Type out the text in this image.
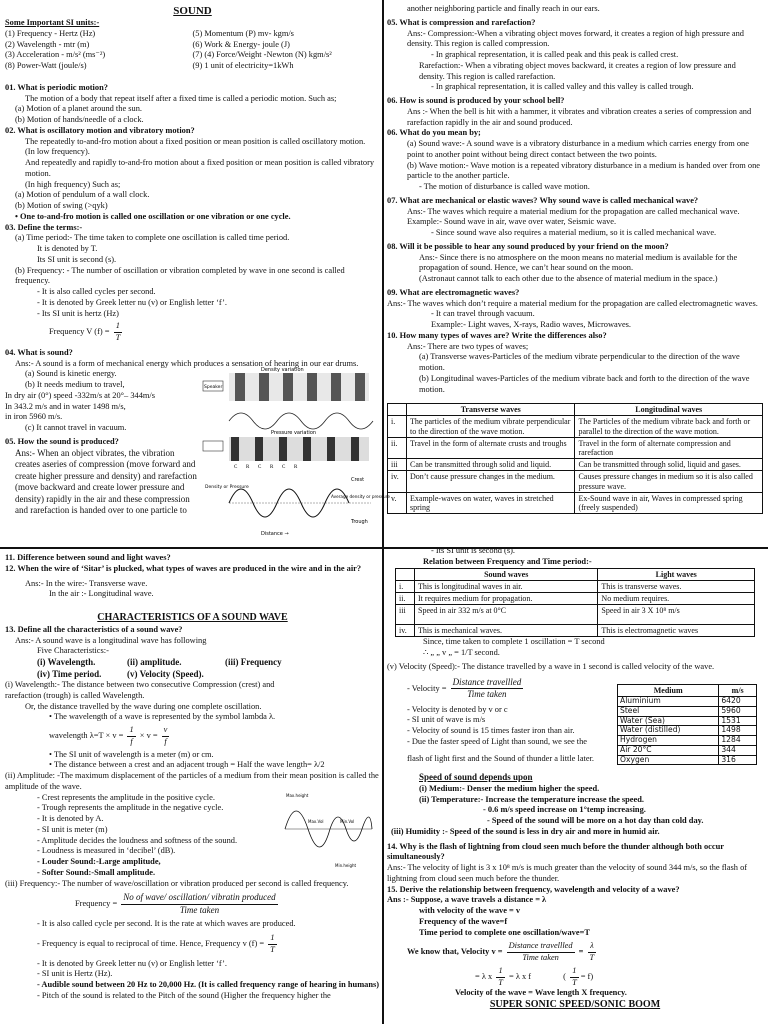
SOUND
Some Important SI units:-
(1) Frequency - Hertz (Hz)
(2) Wavelength - mtr (m)
(3) Acceleration - m/s² (ms⁻²)
(8) Power-Watt (joule/s)
(5) Momentum (P) mv- kgm/s
(6) Work & Energy- joule (J)
(7) (4) Force/Weight -Newton (N) kgm/s²
(9) 1 unit of electricity=1kWh
01. What is periodic motion?
The motion of a body that repeat itself after a fixed time is called a periodic motion. Such as;
(a) Motion of a planet around the sun.
(b) Motion of hands/needle of a clock.
02. What is oscillatory motion and vibratory motion?
The repeatedly to-and-fro motion about a fixed position or mean position is called oscillatory motion.
(In low frequency).
And repeatedly and rapidly to-and-fro motion about a fixed position or mean position is called vibratory motion.
(In high frequency) Such as;
(a) Motion of pendulum of a wall clock.
(b) Motion of swing (>qyk)
• One to-and-fro motion is called one oscillation or one vibration or one cycle.
03. Define the terms:-
(a) Time period:- The time taken to complete one oscillation is called time period.
It is denoted by T.
Its SI unit is second (s).
(b) Frequency: - The number of oscillation or vibration completed by wave in one second is called frequency.
- It is also called cycles per second.
- It is denoted by Greek letter nu (v) or English letter ‘f’.
- Its SI unit is hertz (Hz)
Frequency V $(f) = \frac{1}{T}$
04. What is sound?
Ans:- A sound is a form of mechanical energy which produces a sensation of hearing in our ear drums.
(a) Sound is kinetic energy.
(b) It needs medium to travel,
In dry air (0°) speed -332m/s at 20°– 344m/s
In 343.2 m/s and in water 1498 m/s,
in iron 5960 m/s.
(c) It cannot travel in vacuum.
05. How the sound is produced?
Ans:- When an object vibrates, the vibration creates aseries of compression (move forward and create higher pressure and density) and rarefaction (move backward and create lower pressure and density) rapidly in the air and these compression and rarefaction is handed over to one particle to
Density variation
Speaker
Pressure variation
C R C R C R
Crest
Average density or pressure
Trough
Distance →
Density or Pressure
another neighboring particle and finally reach in our ears.
05. What is compression and rarefaction?
Ans:- Compression:-When a vibrating object moves forward, it creates a region of high pressure and density. This region is called compression.
- In graphical representation, it is called peak and this peak is called crest.
Rarefaction:- When a vibrating object moves backward, it creates a region of low pressure and density. This region is called rarefaction.
- In graphical representation, it is called valley and this valley is called trough.
06. How is sound is produced by your school bell?
Ans :- When the bell is hit with a hammer, it vibrates and vibration creates a series of compression and rarefaction rapidly in the air and sound produced.
06. What do you mean by;
(a) Sound wave:- A sound wave is a vibratory disturbance in a medium which carries energy from one point to another point without being direct contact between the two points.
(b) Wave motion:- Wave motion is a repeated vibratory disturbance in a medium is handed over from one particle to the another particle.
- The motion of disturbance is called wave motion.
07. What are mechanical or elastic waves? Why sound wave is called mechanical wave?
Ans:- The waves which require a material medium for the propagation are called mechanical wave.
Example:- Sound wave in air, wave over water, Seismic wave.
- Since sound wave also requires a material medium, so it is called mechanical wave.
08. Will it be possible to hear any sound produced by your friend on the moon?
Ans:- Since there is no atmosphere on the moon means no material medium is available for the propagation of sound. Hence, we can’t hear sound on the moon.
(Astronaut cannot talk to each other due to the absence of material medium in the space.)
09. What are electromagnetic waves?
Ans:- The waves which don’t require a material medium for the propagation are called electromagnetic waves.
- It can travel through vacuum.
Example:- Light waves, X-rays, Radio waves, Microwaves.
10. How many types of waves are? Write the differences also?
Ans:- There are two types of waves;
(a) Transverse waves-Particles of the medium vibrate perpendicular to the direction of the wave motion.
(b) Longitudinal waves-Particles of the medium vibrate back and forth to the direction of the wave motion.
	Transverse waves	Longitudinal waves
i.	The particles of the medium vibrate perpendicular to the direction of the wave motion.	The Particles of the medium vibrate back and forth or parallel to the direction of the wave motion.
ii.	Travel in the form of alternate crusts and troughs	Travel in the form of alternate compression and rarefaction
iii	Can be transmitted through solid and liquid.	Can be transmitted through solid, liquid and gases.
iv.	Don’t cause pressure changes in the medium.	Causes pressure changes in medium so it is also called pressure wave.
v.	Example-waves on water, waves in stretched spring	Ex-Sound wave in air, Waves in compressed spring (freely suspended)
11. Difference between sound and light waves?
12. When the wire of ‘Sitar’ is plucked, what types of waves are produced in the wire and in the air?
Ans:- In the wire:- Transverse wave.
In the air :- Longitudinal wave.
CHARACTERISTICS OF A SOUND WAVE
13. Define all the characteristics of a sound wave?
Ans:- A sound wave is a longitudinal wave has following
Five Characteristics:-
(i) Wavelength.	(ii) amplitude.	(iii) Frequency
(iv) Time period.	(v) Velocity (Speed).
(i) Wavelength:- The distance between two consecutive Compression (crest) and rarefaction (trough) is called Wavelength.
Or, the distance travelled by the wave during one complete oscillation.
• The wavelength of a wave is represented by the symbol lambda λ.
wavelength $\lambda=T \times v = \frac{1}{f} \times v = \frac{v}{f}$
• The SI unit of wavelength is a meter (m) or cm.
• The distance between a crest and an adjacent trough = Half the wave length= λ/2
(ii) Amplitude: -The maximum displacement of the particles of a medium from their mean position is called the amplitude of the wave.
- Crest represents the amplitude in the positive cycle.
- Trough represents the amplitude in the negative cycle.
- It is denoted by A.
- SI unit is meter (m)
- Amplitude decides the loudness and softness of the sound.
- Loudness is measured in ‘decibel’ (dB).
- Louder Sound:-Large amplitude,
- Softer Sound:-Small amplitude.
Max.height
Max.Vol	Min.Vol
Min.height
(iii) Frequency:- The number of wave/oscillation or vibration produced per second is called frequency.
Frequency = $\frac{\text{No of wave/ oscillation/ vibratin produced}}{\text{Time taken}}$
- It is also called cycle per second. It is the rate at which waves are produced.
- Frequency is equal to reciprocal of time. Hence, Frequency v $(f) = \frac{1}{T}$
- It is denoted by Greek letter nu (v) or English letter ‘f’.
- SI unit is Hertz (Hz).
- Audible sound between 20 Hz to 20,000 Hz. (It is called frequency range of hearing in humans)
- Pitch of the sound is related to the Pitch of the sound (Higher the frequency higher the
- Its SI unit is second (s).
Relation between Frequency and Time period:-
	Sound waves	Light waves
i.	This is longitudinal waves in air.	This is transverse waves.
ii.	It requires medium for propagation.	No medium requires.
iii	Speed in air 332 m/s at 0°C	Speed in air 3 X 10⁸ m/s
iv.	This is mechanical waves.	This is electromagnetic waves
Since, time taken to complete 1 oscillation = T second
∴ „ „ v „ = 1/T second.
(v) Velocity (Speed):- The distance travelled by a wave in 1 second is called velocity of the wave.
- Velocity = $\frac{\text{Distance travellled}}{\text{Time taken}}$
- Velocity is denoted by v or c
- SI unit of wave is m/s
- Velocity of sound is 15 times faster iron than air.
- Due the faster speed of Light than sound, we see the
flash of light first and the Sound of thunder a little later.
Medium	m/s
Aluminium	6420
Steel	5960
Water (Sea)	1531
Water (distilled)	1498
Hydrogen	1284
Air 20°C	344
Oxygen	316
Speed of sound depends upon
(i) Medium:- Denser the medium higher the speed.
(ii) Temperature:- Increase the temperature increase the speed.
- 0.6 m/s speed increase on 1°temp increasing.
- Speed of the sound will be more on a hot day than cold day.
(iii) Humidity :- Speed of the sound is less in dry air and more in humid air.
14. Why is the flash of lightning from cloud seen much before the thunder although both occur simultaneously?
Ans:- The velocity of light is 3 x 10⁸ m/s is much greater than the velocity of sound 344 m/s, so the flash of lightning from cloud seen much before the thunder.
15. Derive the relationship between frequency, wavelength and velocity of a wave?
Ans :- Suppose, a wave travels a distance = λ
with velocity of the wave = v
Frequency of the wave=f
Time period to complete one oscillation/wave=T
We know that, Velocity $v = \frac{\text{Distance travellled}}{\text{Time taken}} = \frac{\lambda}{T}$
= λ x $\frac{1}{T} = \lambda$ x f	( $\frac{1}{T} = f$)
Velocity of the wave = Wave length X frequency.
SUPER SONIC SPEED/SONIC BOOM
